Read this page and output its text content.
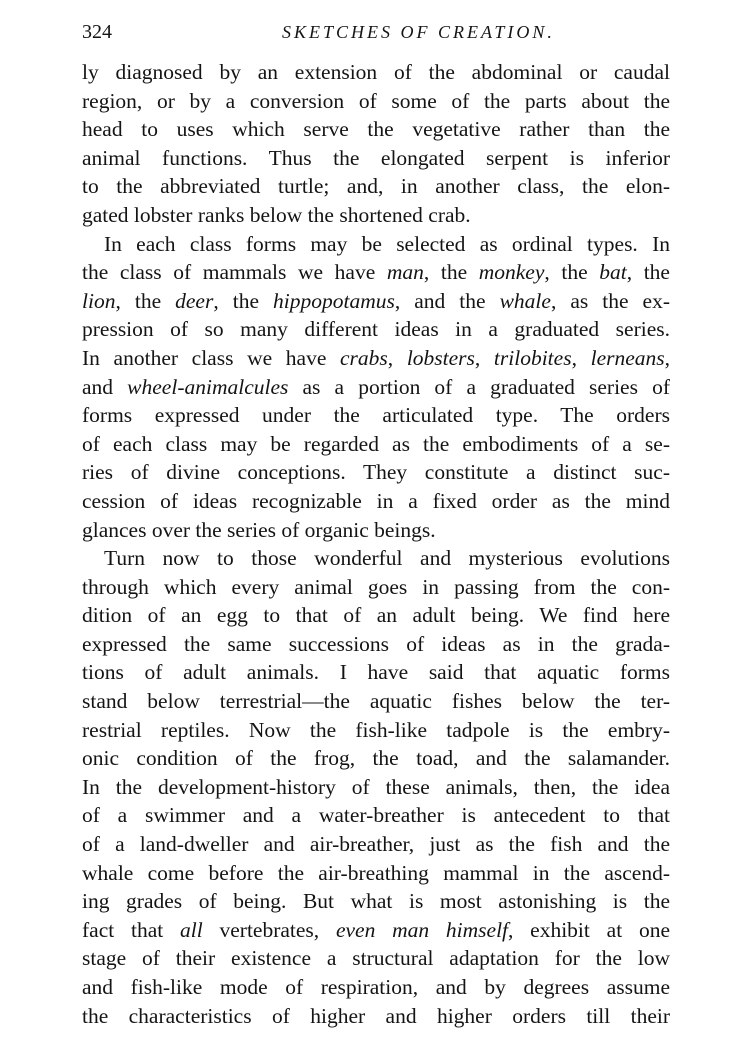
324	SKETCHES OF CREATION.
ly diagnosed by an extension of the abdominal or caudal
region, or by a conversion of some of the parts about the
head to uses which serve the vegetative rather than the
animal functions. Thus the elongated serpent is inferior
to the abbreviated turtle; and, in another class, the elon-
gated lobster ranks below the shortened crab.
In each class forms may be selected as ordinal types. In
the class of mammals we have man, the monkey, the bat, the
lion, the deer, the hippopotamus, and the whale, as the ex-
pression of so many different ideas in a graduated series.
In another class we have crabs, lobsters, trilobites, lerneans,
and wheel-animalcules as a portion of a graduated series of
forms expressed under the articulated type. The orders
of each class may be regarded as the embodiments of a se-
ries of divine conceptions. They constitute a distinct suc-
cession of ideas recognizable in a fixed order as the mind
glances over the series of organic beings.
Turn now to those wonderful and mysterious evolutions
through which every animal goes in passing from the con-
dition of an egg to that of an adult being. We find here
expressed the same successions of ideas as in the grada-
tions of adult animals. I have said that aquatic forms
stand below terrestrial—the aquatic fishes below the ter-
restrial reptiles. Now the fish-like tadpole is the embry-
onic condition of the frog, the toad, and the salamander.
In the development-history of these animals, then, the idea
of a swimmer and a water-breather is antecedent to that
of a land-dweller and air-breather, just as the fish and the
whale come before the air-breathing mammal in the ascend-
ing grades of being. But what is most astonishing is the
fact that all vertebrates, even man himself, exhibit at one
stage of their existence a structural adaptation for the low
and fish-like mode of respiration, and by degrees assume
the characteristics of higher and higher orders till their
